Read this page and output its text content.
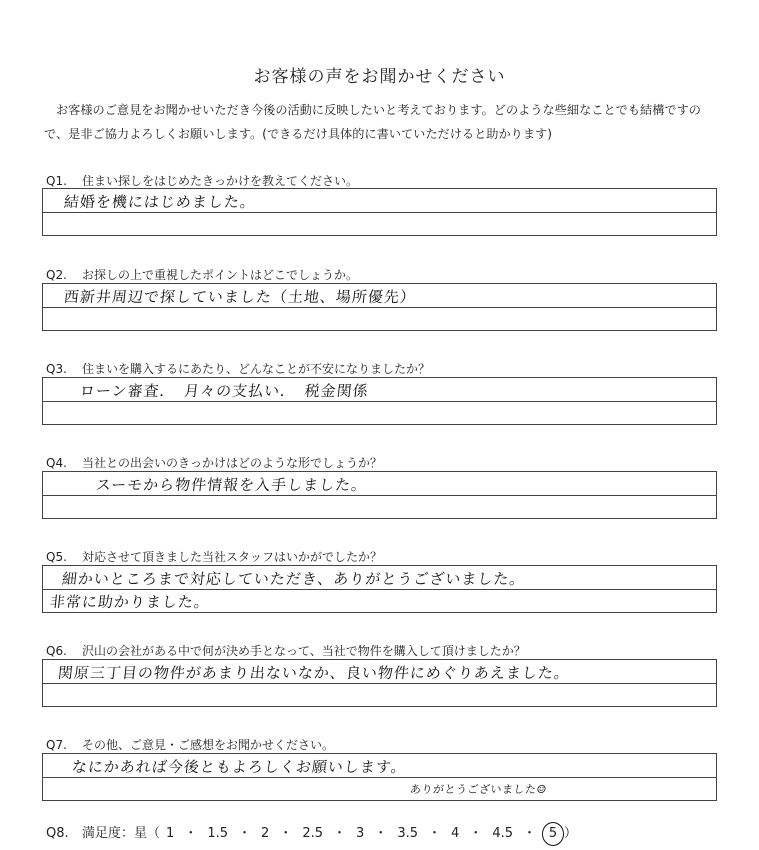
お客様の声をお聞かせください
お客様のご意見をお聞かせいただき今後の活動に反映したいと考えております。どのような些細なことでも結構ですので、是非ご協力よろしくお願いします。(できるだけ具体的に書いていただけると助かります)
Q1. 住まい探しをはじめたきっかけを教えてください。
結婚を機にはじめました。
Q2. お探しの上で重視したポイントはどこでしょうか。
西新井周辺で探していました（土地、場所優先）
Q3. 住まいを購入するにあたり、どんなことが不安になりましたか？
ローン審査．　月々の支払い．　税金関係
Q4. 当社との出会いのきっかけはどのような形でしょうか？
スーモから物件情報を入手しました。
Q5. 対応させて頂きました当社スタッフはいかがでしたか？
細かいところまで対応していただき、ありがとうございました。
非常に助かりました。
Q6. 沢山の会社がある中で何が決め手となって、当社で物件を購入して頂けましたか？
関原三丁目の物件があまり出ないなか、良い物件にめぐりあえました。
Q7. その他、ご意見・ご感想をお聞かせください。
なにかあれば今後ともよろしくお願いします。
ありがとうございました☺
Q8. 満足度：星（ 1 ・ 1.5 ・ 2 ・ 2.5 ・ 3 ・ 3.5 ・ 4 ・ 4.5 ・ 5 ）
